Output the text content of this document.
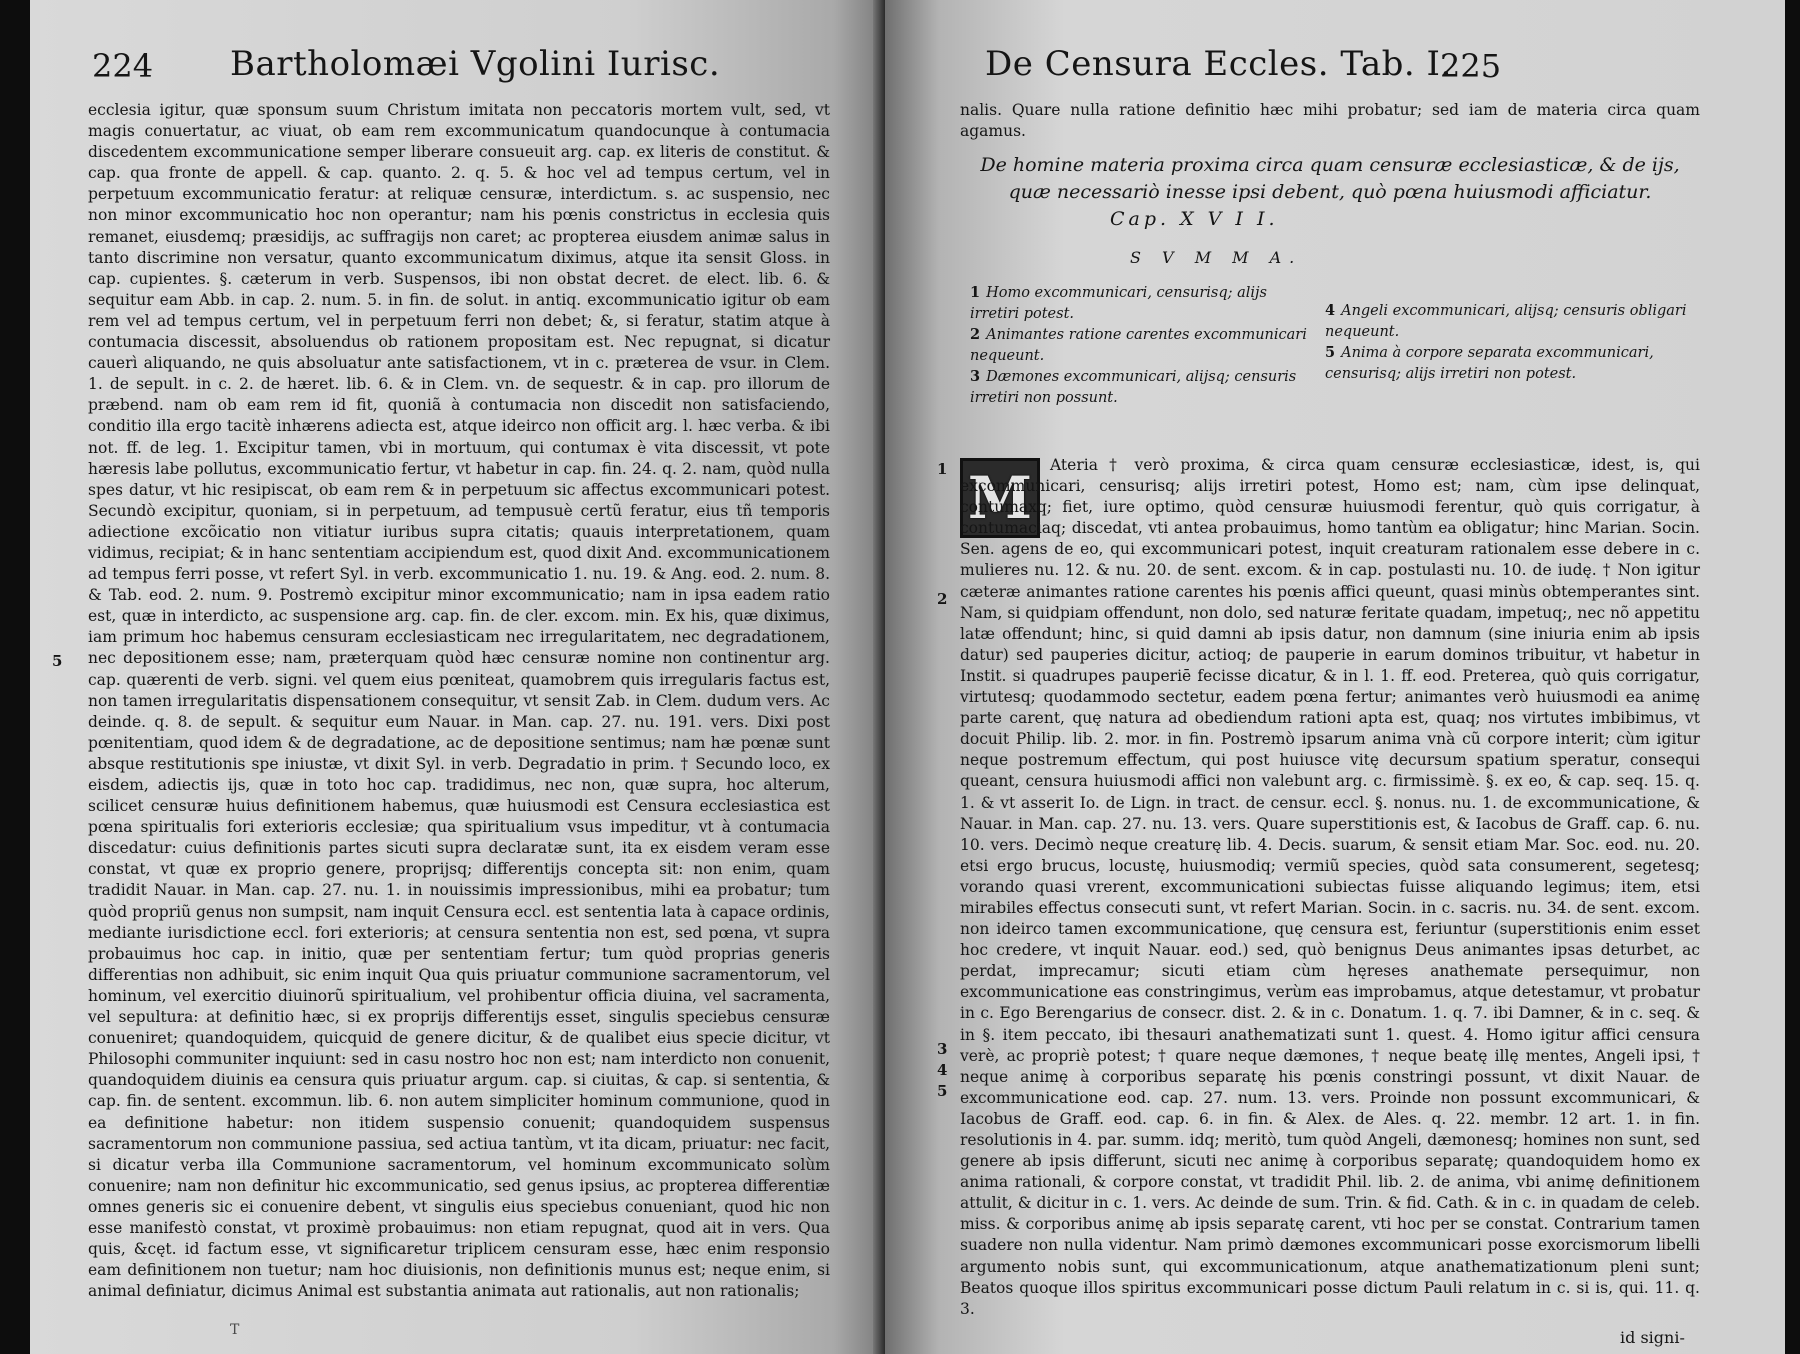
224 Bartholomæi Vgolini Iurisc.

ecclesia igitur, quæ sponsum suum Christum imitata non peccatoris mortem vult, sed, vt magis conuertatur, ac viuat, ob eam rem excommunicatum quandocunque à contumacia discedentem excommunicatione semper liberare consueuit arg. cap. ex literis de constitut. & cap. qua fronte de appell. & cap. quanto. 2. q. 5. & hoc vel ad tempus certum, vel in perpetuum excommunicatio feratur: at reliquæ censuræ, interdictum. s. ac suspensio, nec non minor excommunicatio hoc non operantur; nam his pœnis constrictus in ecclesia quis remanet, eiusdemq; præsidijs, ac suffragijs non caret; ac propterea eiusdem animæ salus in tanto discrimine non versatur, quanto excommunicatum diximus, atque ita sensit Gloss. in cap. cupientes. §. cæterum in verb. Suspensos, ibi non obstat decret. de elect. lib. 6. & sequitur eam Abb. in cap. 2. num. 5. in fin. de solut. in antiq. excommunicatio igitur ob eam rem vel ad tempus certum, vel in perpetuum ferri non debet; &, si feratur, statim atque à contumacia discessit, absoluendus ob rationem propositam est. Nec repugnat, si dicatur cauerì aliquando, ne quis absoluatur ante satisfactionem, vt in c. præterea de vsur. in Clem. 1. de sepult. in c. 2. de hæret. lib. 6. & in Clem. vn. de sequestr. & in cap. pro illorum de præbend. nam ob eam rem id fit, quoniã à contumacia non discedit non satisfaciendo, conditio illa ergo tacitè inhærens adiecta est, atque ideirco non officit arg. l. hæc verba. & ibi not. ff. de leg. 1. Excipitur tamen, vbi in mortuum, qui contumax è vita discessit, vt pote hæresis labe pollutus, excommunicatio fertur, vt habetur in cap. fin. 24. q. 2. nam, quòd nulla spes datur, vt hic resipiscat, ob eam rem & in perpetuum sic affectus excommunicari potest. Secundò excipitur, quoniam, si in perpetuum, ad tempusuè certũ feratur, eius tñ temporis adiectione excõicatio non vitiatur iuribus supra citatis; quauis interpretationem, quam vidimus, recipiat; & in hanc sententiam accipiendum est, quod dixit And. excommunicationem ad tempus ferri posse, vt refert Syl. in verb. excommunicatio 1. nu. 19. & Ang. eod. 2. num. 8. & Tab. eod. 2. num. 9. Postremò excipitur minor excommunicatio; nam in ipsa eadem ratio est, quæ in interdicto, ac suspensione arg. cap. fin. de cler. excom. min. Ex his, quæ diximus, iam primum hoc habemus censuram ecclesiasticam nec irregularitatem, nec degradationem, nec depositionem esse; nam, præterquam quòd hæc censuræ nomine non continentur arg. cap. quærenti de verb. signi. vel quem eius pœniteat, quamobrem quis irregularis factus est, non tamen irregularitatis dispensationem consequitur, vt sensit Zab. in Clem. dudum vers. Ac deinde. q. 8. de sepult. & sequitur eum Nauar. in Man. cap. 27. nu. 191. vers. Dixi post pœnitentiam, quod idem & de degradatione, ac de depositione sentimus; nam hæ pœnæ sunt absque restitutionis spe iniustæ, vt dixit Syl. in verb. Degradatio in prim. † Secundo loco, ex eisdem, adiectis ijs, quæ in toto hoc cap. tradidimus, nec non, quæ supra, hoc alterum, scilicet censuræ huius definitionem habemus, quæ huiusmodi est Censura ecclesiastica est pœna spiritualis fori exterioris ecclesiæ; qua spiritualium vsus impeditur, vt à contumacia discedatur: cuius definitionis partes sicuti supra declaratæ sunt, ita ex eisdem veram esse constat, vt quæ ex proprio genere, proprijsq; differentijs concepta sit: non enim, quam tradidit Nauar. in Man. cap. 27. nu. 1. in nouissimis impressionibus, mihi ea probatur; tum quòd propriũ genus non sumpsit, nam inquit Censura eccl. est sententia lata à capace ordinis, mediante iurisdictione eccl. fori exterioris; at censura sententia non est, sed pœna, vt supra probauimus hoc cap. in initio, quæ per sententiam fertur; tum quòd proprias generis differentias non adhibuit, sic enim inquit Qua quis priuatur communione sacramentorum, vel hominum, vel exercitio diuinorũ spiritualium, vel prohibentur officia diuina, vel sacramenta, vel sepultura: at definitio hæc, si ex proprijs differentijs esset, singulis speciebus censuræ conueniret; quandoquidem, quicquid de genere dicitur, & de qualibet eius specie dicitur, vt Philosophi communiter inquiunt: sed in casu nostro hoc non est; nam interdicto non conuenit, quandoquidem diuinis ea censura quis priuatur argum. cap. si ciuitas, & cap. si sententia, & cap. fin. de sentent. excommun. lib. 6. non autem simpliciter hominum communione, quod in ea definitione habetur: non itidem suspensio conuenit; quandoquidem suspensus sacramentorum non communione passiua, sed actiua tantùm, vt ita dicam, priuatur: nec facit, si dicatur verba illa Communione sacramentorum, vel hominum excommunicato solùm conuenire; nam non definitur hic excommunicatio, sed genus ipsius, ac propterea differentiæ omnes generis sic ei conuenire debent, vt singulis eius speciebus conueniant, quod hic non esse manifestò constat, vt proximè probauimus: non etiam repugnat, quod ait in vers. Qua quis, &cęt. id factum esse, vt significaretur triplicem censuram esse, hæc enim responsio eam definitionem non tuetur; nam hoc diuisionis, non definitionis munus est; neque enim, si animal definiatur, dicimus Animal est substantia animata aut rationalis, aut non rationalis;

5
T
De Censura Eccles. Tab. I.
225
nalis. Quare nulla ratione definitio hæc mihi probatur; sed iam de materia circa quam agamus.
De homine materia proxima circa quam censuræ ecclesiasticæ, & de ijs, quæ necessariò inesse ipsi debent, quò pœna huiusmodi afficiatur.
Cap. X V I I.
S V M M A.
1 Homo excommunicari, censurisq; alijs irretiri potest.
2 Animantes ratione carentes excommunicari nequeunt.
3 Dæmones excommunicari, alijsq; censuris irretiri non possunt.
4 Angeli excommunicari, alijsq; censuris obligari nequeunt.
5 Anima à corpore separata excommunicari, censurisq; alijs irretiri non potest.
M	Ateria † verò proxima, & circa quam censuræ ecclesiasticæ, idest, is, qui excommunicari, censurisq; alijs irretiri potest, Homo est; nam, cùm ipse delinquat, contumaxq; fiet, iure optimo, quòd censuræ huiusmodi ferentur, quò quis corrigatur, à contumaciaq; discedat, vti antea probauimus, homo tantùm ea obligatur; hinc Marian. Socin. Sen. agens de eo, qui excommunicari potest, inquit creaturam rationalem esse debere in c. mulieres nu. 12. & nu. 20. de sent. excom. & in cap. postulasti nu. 10. de iudę. † Non igitur cæteræ animantes ratione carentes his pœnis affici queunt, quasi minùs obtemperantes sint. Nam, si quidpiam offendunt, non dolo, sed naturæ feritate quadam, impetuq;, nec nõ appetitu latæ offendunt; hinc, si quid damni ab ipsis datur, non damnum (sine iniuria enim ab ipsis datur) sed pauperies dicitur, actioq; de pauperie in earum dominos tribuitur, vt habetur in Instit. si quadrupes pauperiē fecisse dicatur, & in l. 1. ff. eod. Preterea, quò quis corrigatur, virtutesq; quodammodo sectetur, eadem pœna fertur; animantes verò huiusmodi ea animę parte carent, quę natura ad obediendum rationi apta est, quaq; nos virtutes imbibimus, vt docuit Philip. lib. 2. mor. in fin. Postremò ipsarum anima vnà cũ corpore interit; cùm igitur neque postremum effectum, qui post huiusce vitę decursum spatium speratur, consequi queant, censura huiusmodi affici non valebunt arg. c. firmissimè. §. ex eo, & cap. seq. 15. q. 1. & vt asserit Io. de Lign. in tract. de censur. eccl. §. nonus. nu. 1. de excommunicatione, & Nauar. in Man. cap. 27. nu. 13. vers. Quare superstitionis est, & Iacobus de Graff. cap. 6. nu. 10. vers. Decimò neque creaturę lib. 4. Decis. suarum, & sensit etiam Mar. Soc. eod. nu. 20. etsi ergo brucus, locustę, huiusmodiq; vermiũ species, quòd sata consumerent, segetesq; vorando quasi vrerent, excommunicationi subiectas fuisse aliquando legimus; item, etsi mirabiles effectus consecuti sunt, vt refert Marian. Socin. in c. sacris. nu. 34. de sent. excom. non ideirco tamen excommunicatione, quę censura est, feriuntur (superstitionis enim esset hoc credere, vt inquit Nauar. eod.) sed, quò benignus Deus animantes ipsas deturbet, ac perdat, imprecamur; sicuti etiam cùm hęreses anathemate persequimur, non excommunicatione eas constringimus, verùm eas improbamus, atque detestamur, vt probatur in c. Ego Berengarius de consecr. dist. 2. & in c. Donatum. 1. q. 7. ibi Damner, & in c. seq. & in §. item peccato, ibi thesauri anathematizati sunt 1. quest. 4. Homo igitur affici censura verè, ac propriè potest; † quare neque dæmones, † neque beatę illę mentes, Angeli ipsi, † neque animę à corporibus separatę his pœnis constringi possunt, vt dixit Nauar. de excommunicatione eod. cap. 27. num. 13. vers. Proinde non possunt excommunicari, & Iacobus de Graff. eod. cap. 6. in fin. & Alex. de Ales. q. 22. membr. 12 art. 1. in fin. resolutionis in 4. par. summ. idq; meritò, tum quòd Angeli, dæmonesq; homines non sunt, sed genere ab ipsis differunt, sicuti nec animę à corporibus separatę; quandoquidem homo ex anima rationali, & corpore constat, vt tradidit Phil. lib. 2. de anima, vbi animę definitionem attulit, & dicitur in c. 1. vers. Ac deinde de sum. Trin. & fid. Cath. & in c. in quadam de celeb. miss. & corporibus animę ab ipsis separatę carent, vti hoc per se constat. Contrarium tamen suadere non nulla videntur. Nam primò dæmones excommunicari posse exorcismorum libelli argumento nobis sunt, qui excommunicationum, atque anathematizationum pleni sunt; Beatos quoque illos spiritus excommunicari posse dictum Pauli relatum in c. si is, qui. 11. q. 3.

1
2
3
4
5
id signi-
